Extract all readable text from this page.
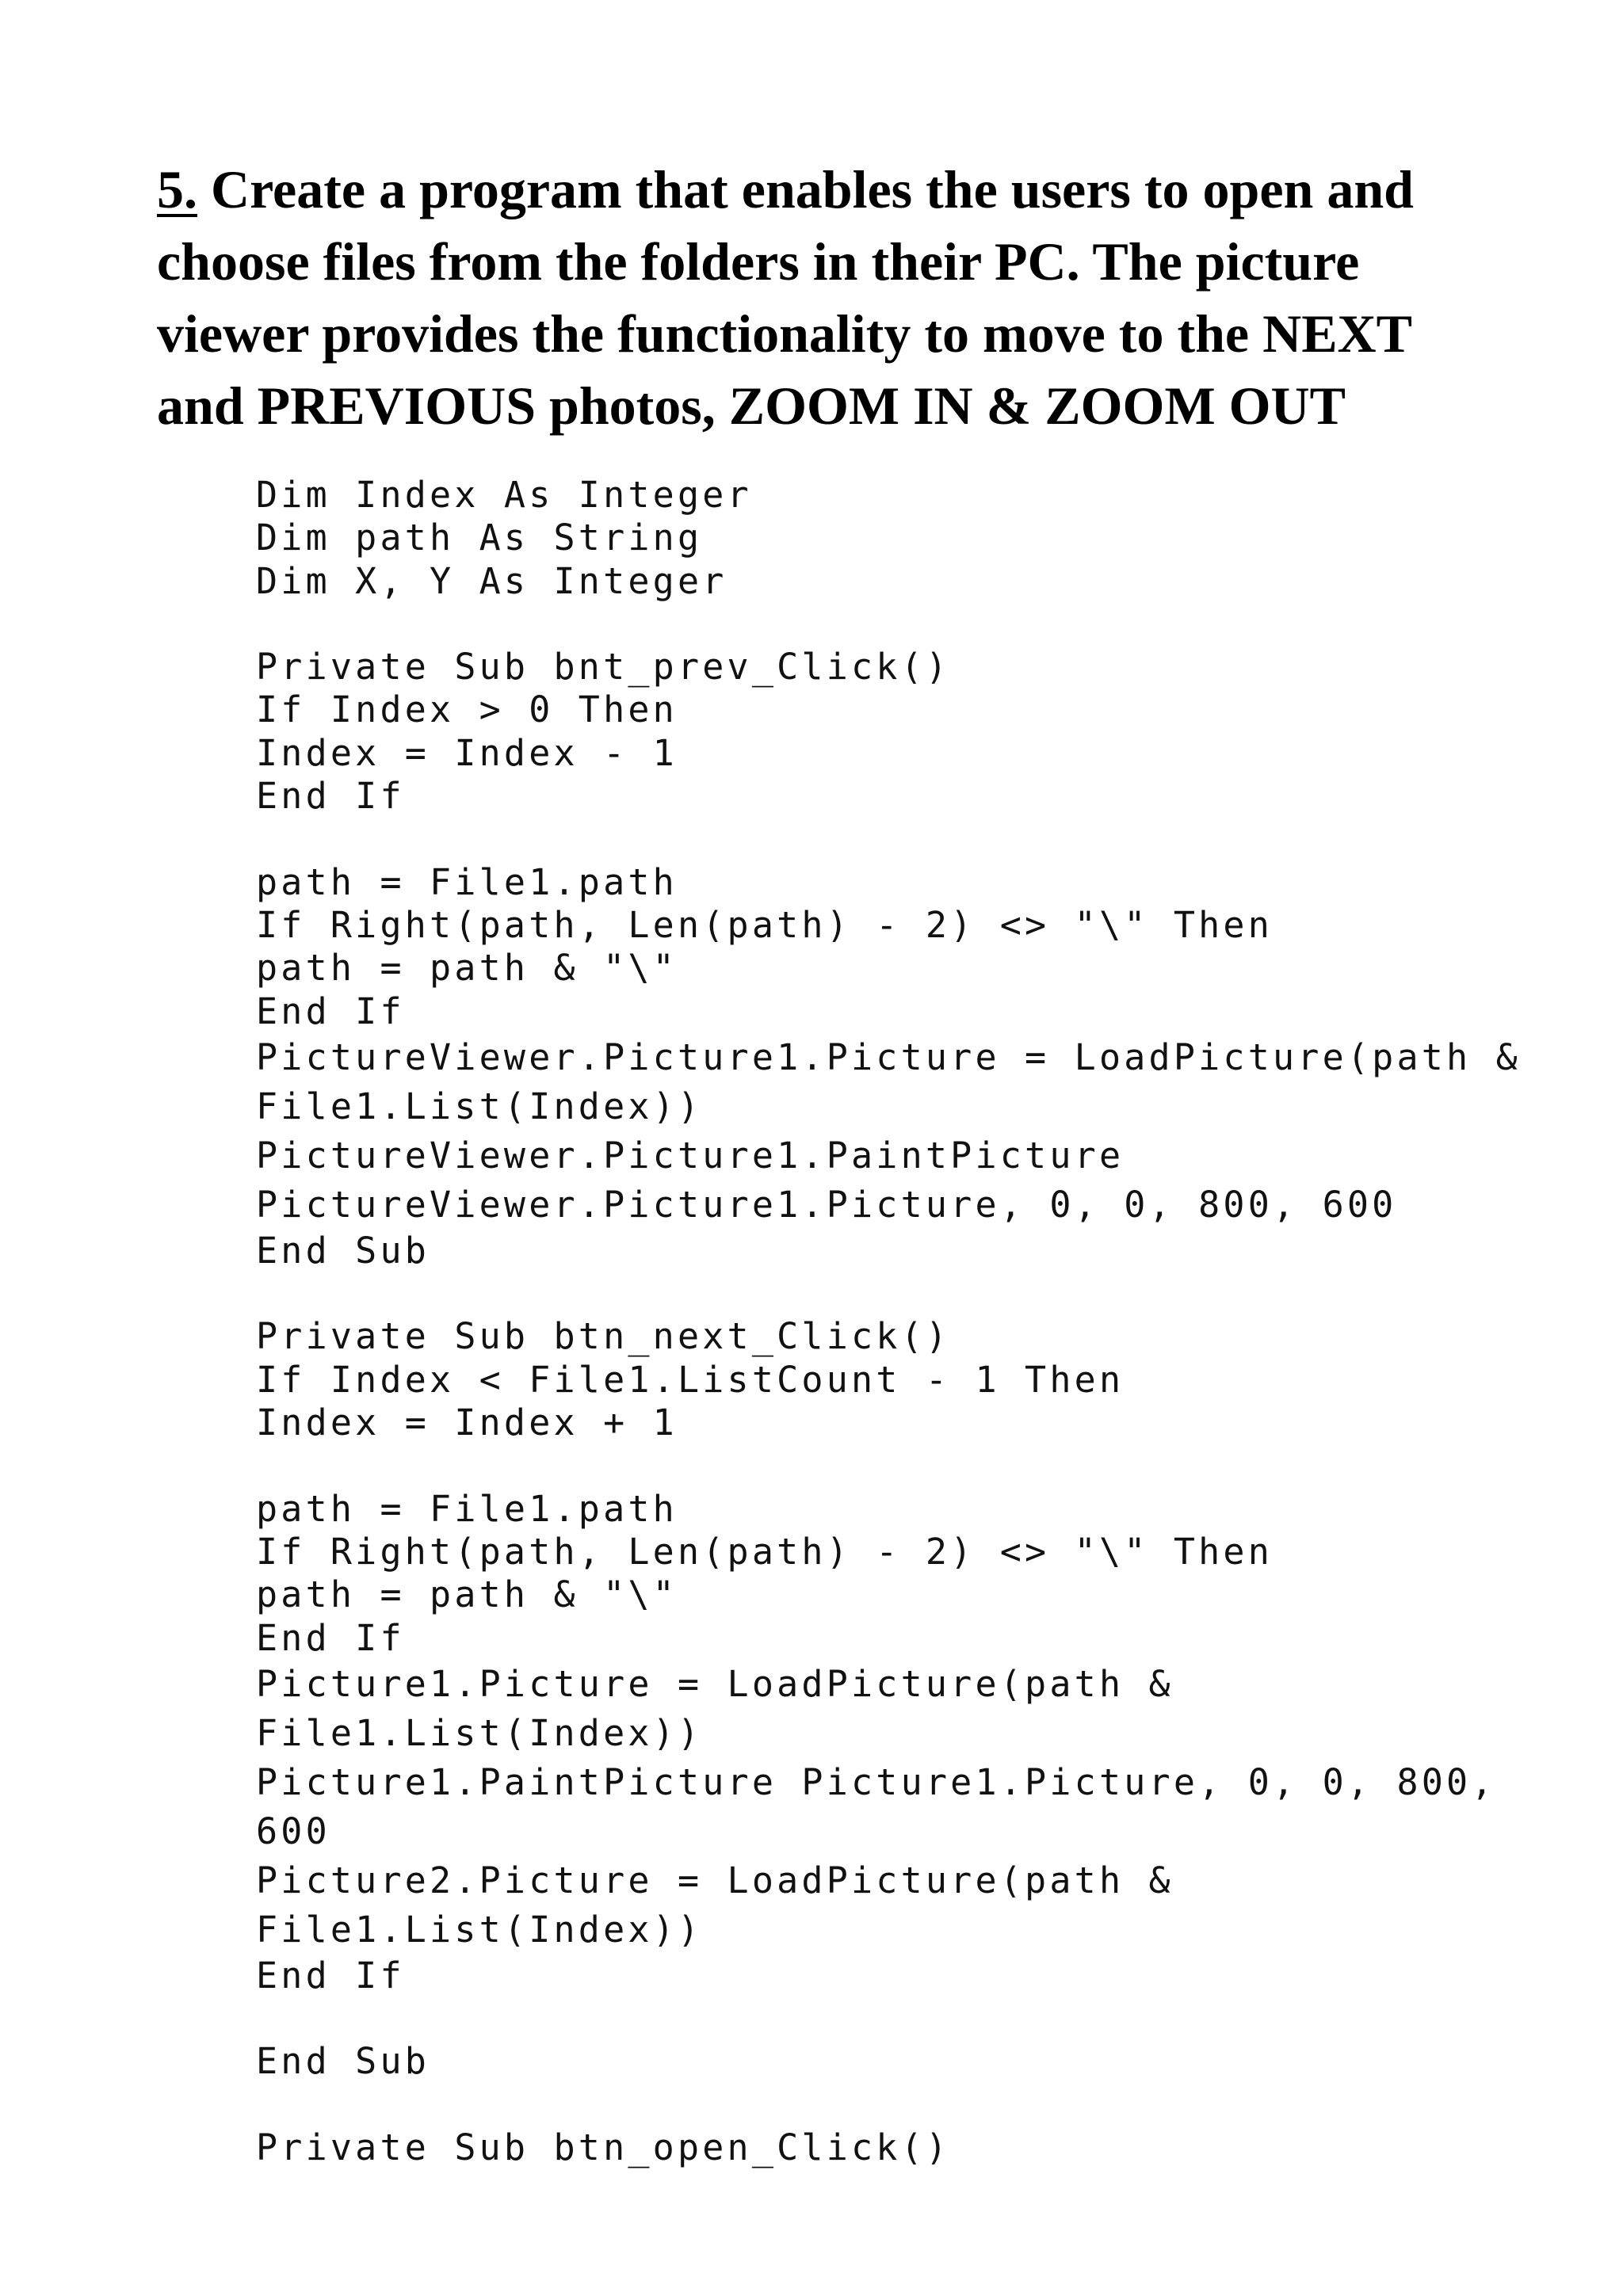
5. Create a program that enables the users to open and choose files from the folders in their PC. The picture viewer provides the functionality to move to the NEXT and PREVIOUS photos, ZOOM IN & ZOOM OUT
Dim Index As Integer
Dim path As String
Dim X, Y As Integer
Private Sub bnt_prev_Click()
If Index > 0 Then
Index = Index - 1
End If
path = File1.path
If Right(path, Len(path) - 2) <> "\" Then
path = path & "\"
End If
PictureViewer.Picture1.Picture = LoadPicture(path &
File1.List(Index))
PictureViewer.Picture1.PaintPicture
PictureViewer.Picture1.Picture, 0, 0, 800, 600
End Sub
Private Sub btn_next_Click()
If Index < File1.ListCount - 1 Then
Index = Index + 1
path = File1.path
If Right(path, Len(path) - 2) <> "\" Then
path = path & "\"
End If
Picture1.Picture = LoadPicture(path &
File1.List(Index))
Picture1.PaintPicture Picture1.Picture, 0, 0, 800,
600
Picture2.Picture = LoadPicture(path &
File1.List(Index))
End If
End Sub
Private Sub btn_open_Click()
